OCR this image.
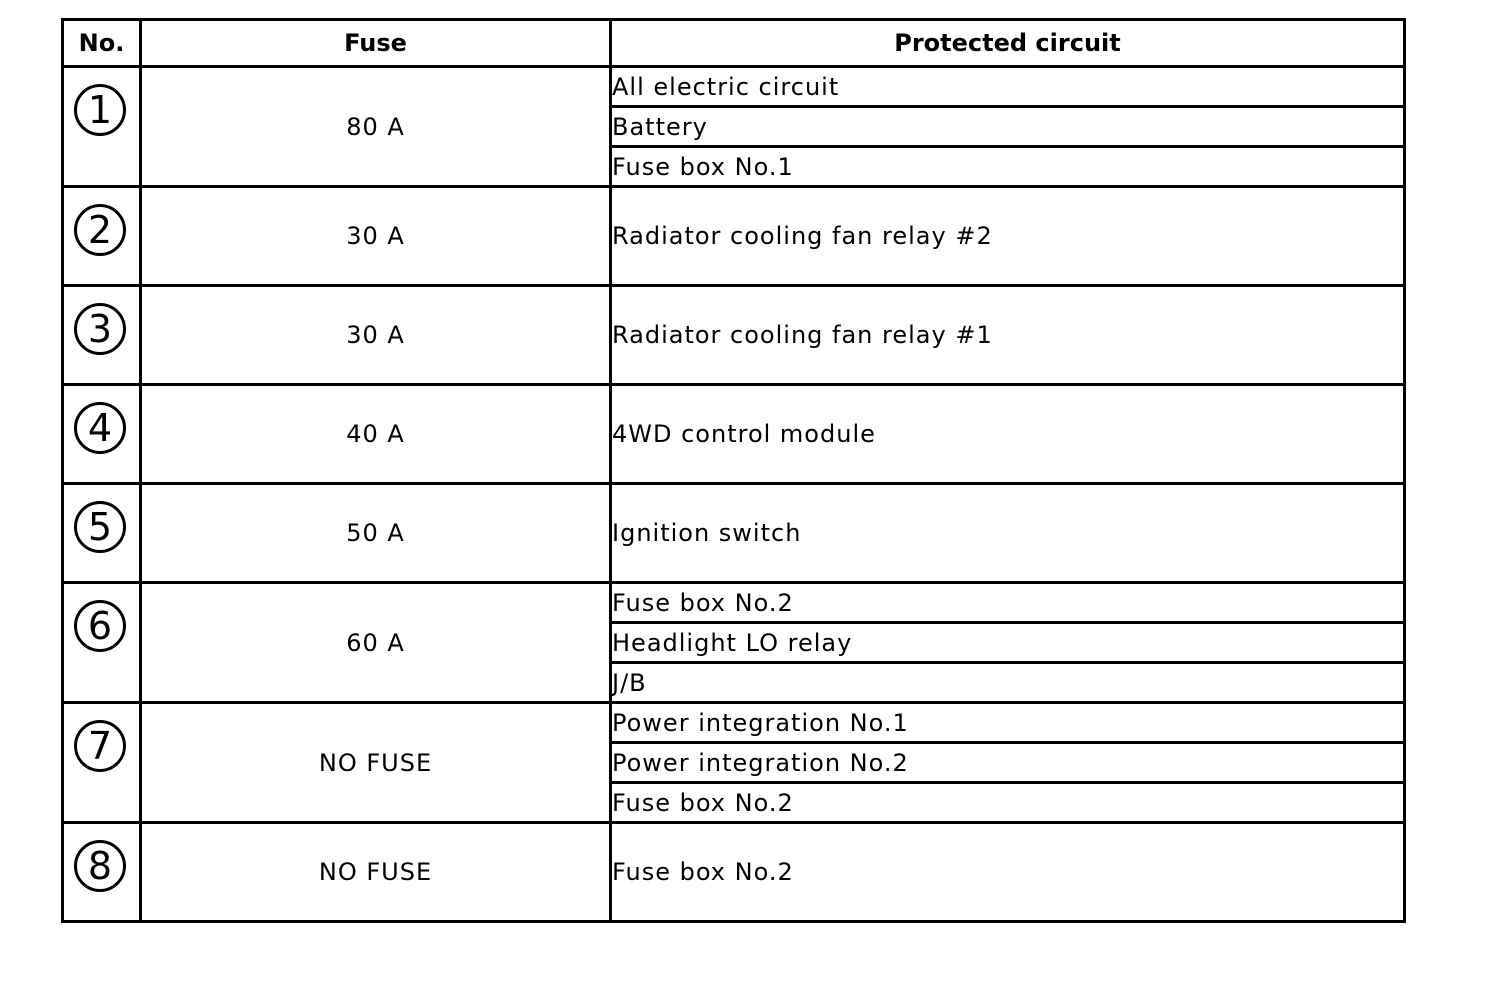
No.	Fuse	Protected circuit

1	80 A	All electric circuit
		Battery
		Fuse box No.1

2	30 A	Radiator cooling fan relay #2

3	30 A	Radiator cooling fan relay #1

4	40 A	4WD control module

5	50 A	Ignition switch

6	60 A	Fuse box No.2
		Headlight LO relay
		J/B

7	NO FUSE	Power integration No.1
		Power integration No.2
		Fuse box No.2

8	NO FUSE	Fuse box No.2
